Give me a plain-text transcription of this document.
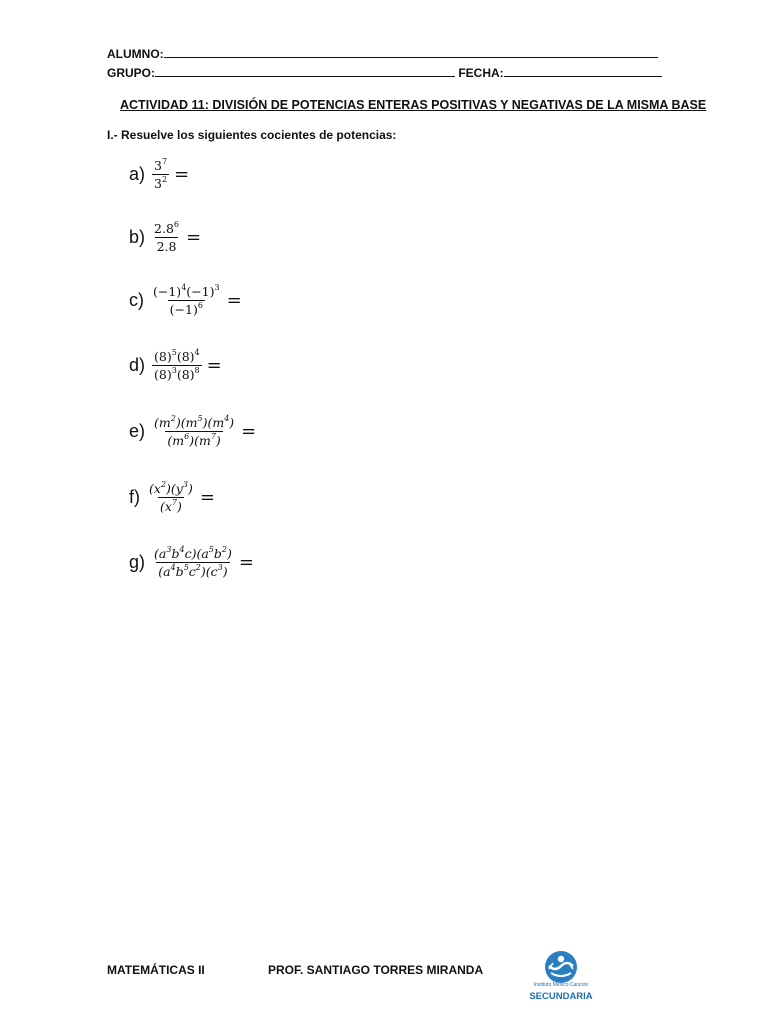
ALUMNO:
GRUPO:	FECHA:
ACTIVIDAD 11: DIVISIÓN DE POTENCIAS ENTERAS POSITIVAS Y NEGATIVAS DE LA MISMA BASE
I.- Resuelve los siguientes cocientes de potencias:
$a) \frac{3^7}{3^2}$ =
$b) \frac{2.8^6}{2.8}$ =
$c) \frac{(-1)^4(-1)^3}{(-1)^6}$ =
$d) \frac{(8)^5(8)^4}{(8)^3(8)^8}$ =
$e) \frac{(m^2)(m^5)(m^4)}{(m^6)(m^7)}$ =
$f) \frac{(x^2)(y^3)}{(x^7)}$ =
$g) \frac{(a^3b^4c)(a^5b^2)}{(a^4b^5c^2)(c^3)}$ =
MATEMÁTICAS II	PROF. SANTIAGO TORRES MIRANDA
Instituto México Canción
SECUNDARIA
